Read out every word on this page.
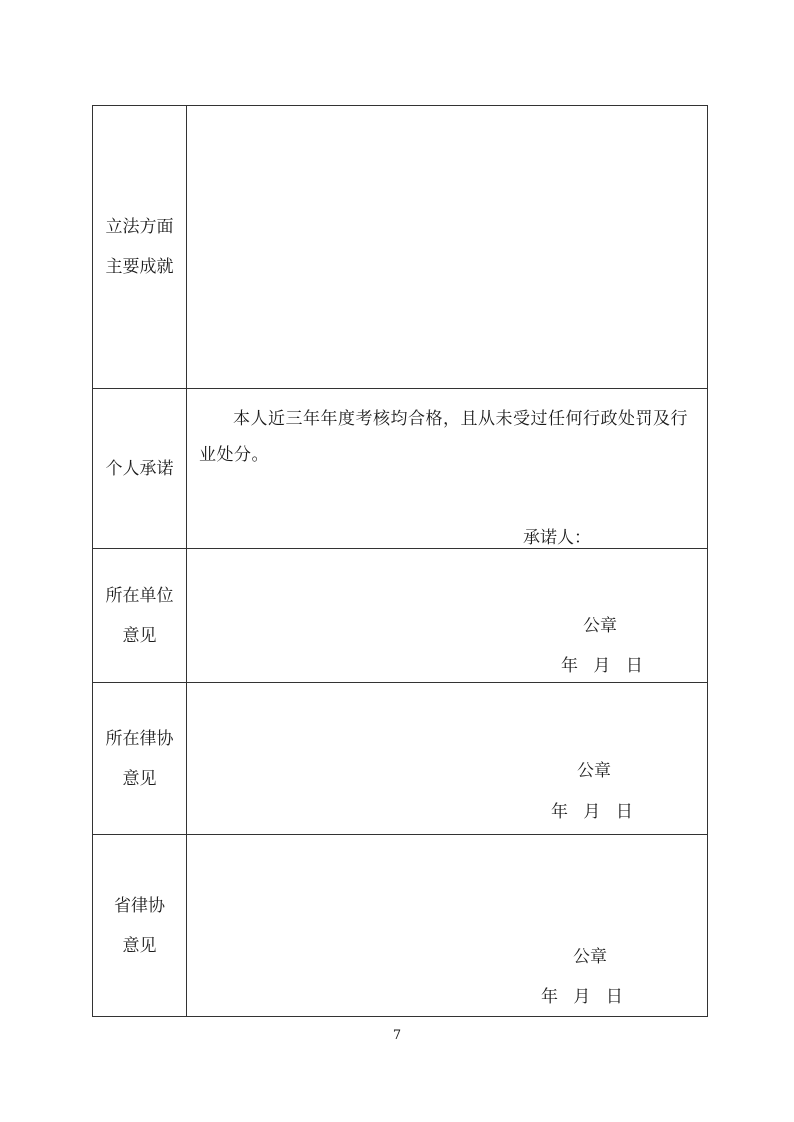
立法方面
主要成就
个人承诺
本人近三年年度考核均合格，且从未受过任何行政处罚及行业处分。
承诺人：
所在单位
意见	公章
年 月 日
所在律协
意见	公章
年 月 日
省律协
意见
公章
年 月 日
7
